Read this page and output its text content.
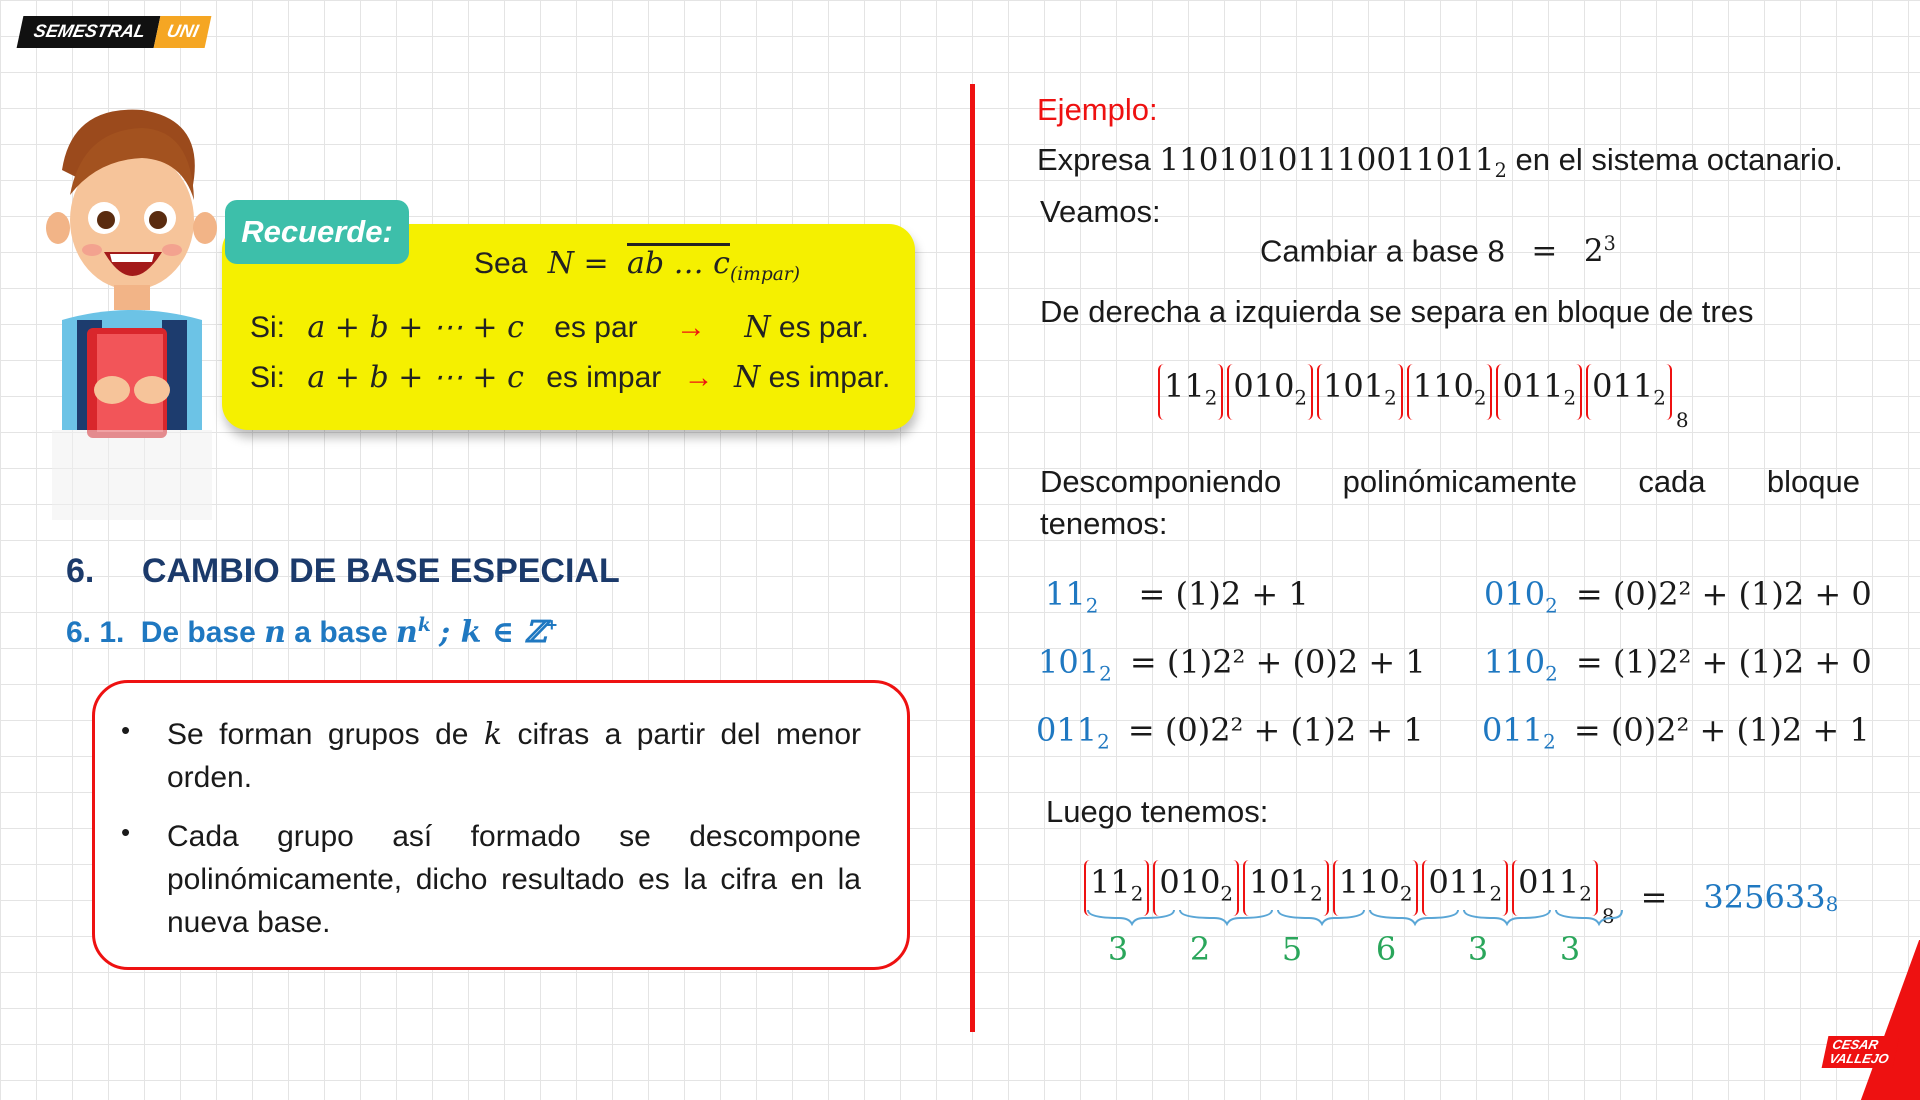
SEMESTRAL UNI
Recuerde:
Sea N = ab … $c_{(impar)}$
Si: a + b + ⋯ + c es par → N es par.
Si: a + b + ⋯ + c es impar → N es impar.
6. CAMBIO DE BASE ESPECIAL
6. 1. De base n a base $n^k$ ; k ∈ ℤ+
• Se forman grupos de k cifras a partir del menor orden.
• Cada grupo así formado se descompone polinómicamente, dicho resultado es la cifra en la nueva base.
Ejemplo:
Expresa $11010101110011011_2$ en el sistema octanario.
Veamos:
Cambiar a base $8 = 2^3$
De derecha a izquierda se separa en bloque de tres
$11_2$ $010_2$ $101_2$ $110_2$ $011_2$ $011_2$
8
Descomponiendo polinómicamente cada bloque
tenemos:
$11_2 = (1)2 + 1$	$010_2 = (0)2^2 + (1)2 + 0$
$101_2 = (1)2^2 + (0)2 + 1$ $110_2 = (1)2^2 + (1)2 + 0$
$011_2 = (0)2^2 + (1)2 + 1$ $011_2 = (0)2^2 + (1)2 + 1$
Luego tenemos:
$11_2$ $010_2$ $101_2$ $110_2$ $011_2$ $011_2$
8 = 325633 8
3 2 5 6 3 3
CESAR
VALLEJO
